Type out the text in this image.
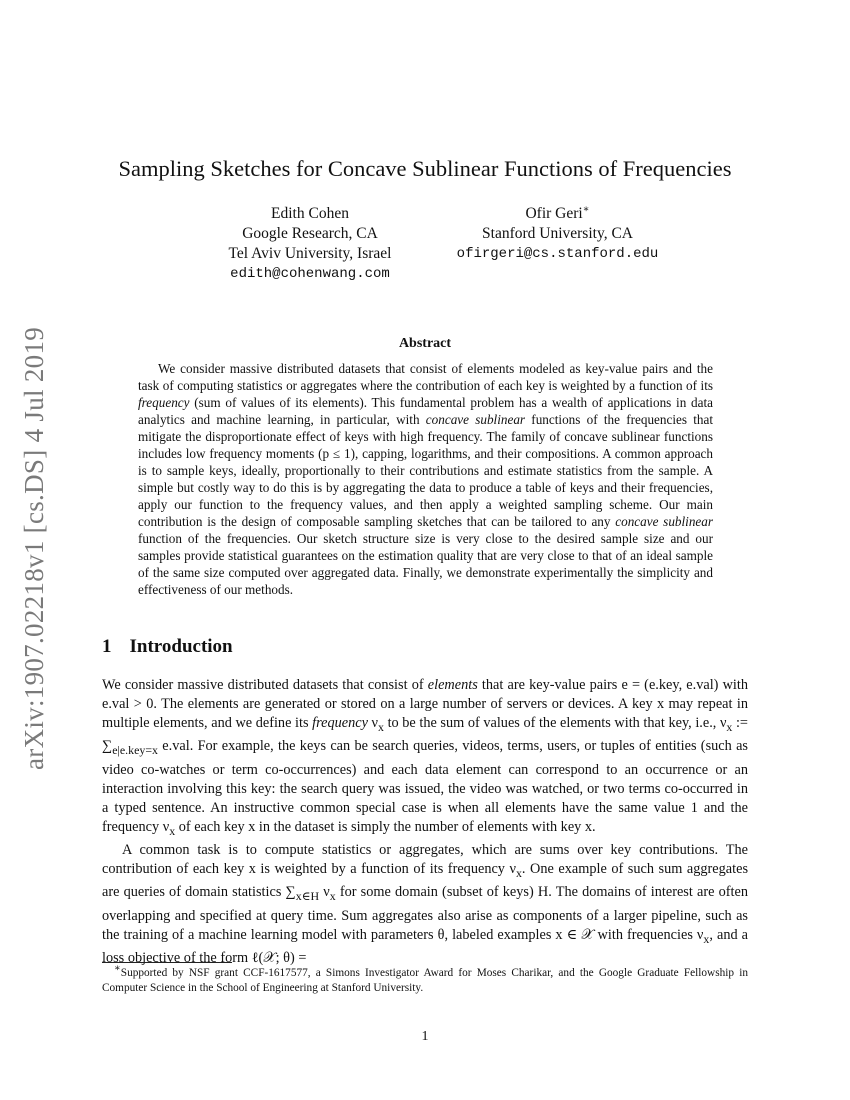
arXiv:1907.02218v1 [cs.DS] 4 Jul 2019
Sampling Sketches for Concave Sublinear Functions of Frequencies
Edith Cohen
Google Research, CA
Tel Aviv University, Israel
edith@cohenwang.com
Ofir Geri∗
Stanford University, CA
ofirgeri@cs.stanford.edu
Abstract

We consider massive distributed datasets that consist of elements modeled as key-value pairs and the task of computing statistics or aggregates where the contribution of each key is weighted by a function of its frequency (sum of values of its elements). This fundamental problem has a wealth of applications in data analytics and machine learning, in particular, with concave sublinear functions of the frequencies that mitigate the disproportionate effect of keys with high frequency. The family of concave sublinear functions includes low frequency moments (p ≤ 1), capping, logarithms, and their compositions. A common approach is to sample keys, ideally, proportionally to their contributions and estimate statistics from the sample. A simple but costly way to do this is by aggregating the data to produce a table of keys and their frequencies, apply our function to the frequency values, and then apply a weighted sampling scheme. Our main contribution is the design of composable sampling sketches that can be tailored to any concave sublinear function of the frequencies. Our sketch structure size is very close to the desired sample size and our samples provide statistical guarantees on the estimation quality that are very close to that of an ideal sample of the same size computed over aggregated data. Finally, we demonstrate experimentally the simplicity and effectiveness of our methods.

1 Introduction

We consider massive distributed datasets that consist of elements that are key-value pairs e = (e.key, e.val) with e.val > 0. The elements are generated or stored on a large number of servers or devices. A key x may repeat in multiple elements, and we define its frequency $\nu_x$ to be the sum of values of the elements with that key, i.e., $\nu_x$ := $\sum_{e|e.key=x}$ e.val. For example, the keys can be search queries, videos, terms, users, or tuples of entities (such as video co-watches or term co-occurrences) and each data element can correspond to an occurrence or an interaction involving this key: the search query was issued, the video was watched, or two terms co-occurred in a typed sentence. An instructive common special case is when all elements have the same value 1 and the frequency $\nu_x$ of each key x in the dataset is simply the number of elements with key x.

A common task is to compute statistics or aggregates, which are sums over key contributions. The contribution of each key x is weighted by a function of its frequency $\nu_x$. One example of such sum aggregates are queries of domain statistics $\sum_{x\in H}$ $\nu_x$ for some domain (subset of keys) H. The domains of interest are often overlapping and specified at query time. Sum aggregates also arise as components of a larger pipeline, such as the training of a machine learning model with parameters θ, labeled examples x ∈ 𝒳 with frequencies $\nu_x$, and a loss objective of the form ℓ(𝒳; θ) =

∗Supported by NSF grant CCF-1617577, a Simons Investigator Award for Moses Charikar, and the Google Graduate Fellowship in Computer Science in the School of Engineering at Stanford University.

1
